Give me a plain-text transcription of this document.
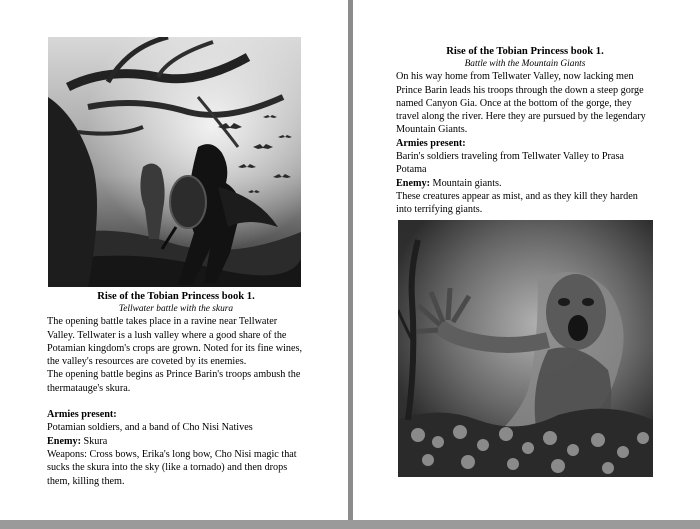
Rise of the Tobian Princess book 1.
Tellwater battle with the skura
The opening battle takes place in a ravine near Tellwater
Valley. Tellwater is a lush valley where a good share of the
Potamian kingdom's crops are grown. Noted for its fine wines,
the valley's resources are coveted by its enemies.
The opening battle begins as Prince Barin's troops ambush the
thermatauge's skura.
Armies present:
Potamian soldiers, and a band of Cho Nisi Natives
Enemy: Skura
Weapons: Cross bows, Erika's long bow, Cho Nisi magic that
sucks the skura into the sky (like a tornado) and then drops
them, killing them.
Rise of the Tobian Princess book 1.
Battle with the Mountain Giants
On his way home from Tellwater Valley, now lacking men
Prince Barin leads his troops through the down a steep gorge
named Canyon Gia. Once at the bottom of the gorge, they
travel along the river. Here they are pursued by the legendary
Mountain Giants.
Armies present:
Barin's soldiers traveling from Tellwater Valley to Prasa
Potama
Enemy: Mountain giants.
These creatures appear as mist, and as they kill they harden
into terrifying giants.
